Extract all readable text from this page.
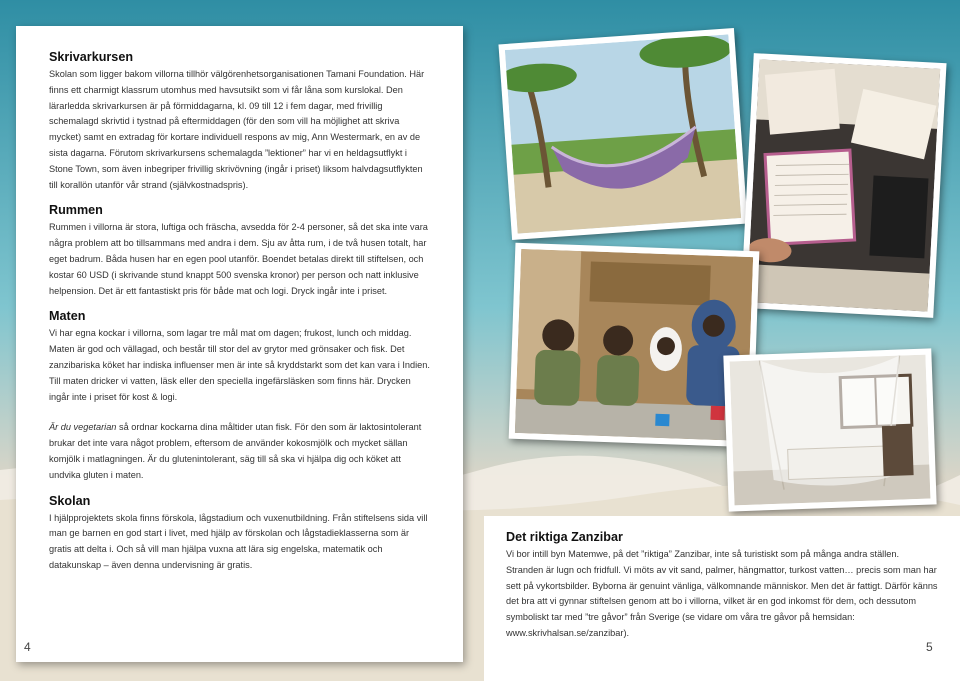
Skrivarkursen

Skolan som ligger bakom villorna tillhör välgörenhetsorganisationen Tamani Foundation. Här finns ett charmigt klassrum utomhus med havsutsikt som vi får låna som kurslokal. Den lärarledda skrivarkursen är på förmiddagarna, kl. 09 till 12 i fem dagar, med frivillig schemalagd skrivtid i tystnad på eftermiddagen (för den som vill ha möjlighet att skriva mycket) samt en extradag för kortare individuell respons av mig, Ann Westermark, en av de sista dagarna. Förutom skrivarkursens schemalagda ”lektioner” har vi en heldagsutflykt i Stone Town, som även inbegriper frivillig skrivövning (ingår i priset) liksom halvdagsutflykten till korallön utanför vår strand (självkostnadspris).

Rummen

Rummen i villorna är stora, luftiga och fräscha, avsedda för 2-4 personer, så det ska inte vara några problem att bo tillsammans med andra i dem. Sju av åtta rum, i de två husen totalt, har eget badrum. Båda husen har en egen pool utanför. Boendet betalas direkt till stiftelsen, och kostar 60 USD (i skrivande stund knappt 500 svenska kronor) per person och natt inklusive helpension. Det är ett fantastiskt pris för både mat och logi. Dryck ingår inte i priset.

Maten

Vi har egna kockar i villorna, som lagar tre mål mat om dagen; frukost, lunch och middag. Maten är god och vällagad, och består till stor del av grytor med grönsaker och fisk. Det zanzibariska köket har indiska influenser men är inte så kryddstarkt som det kan vara i Indien. Till maten dricker vi vatten, läsk eller den speciella ingefärsläsken som finns här. Drycken ingår inte i priset för kost & logi.

Är du vegetarian så ordnar kockarna dina måltider utan fisk. För den som är laktosintolerant brukar det inte vara något problem, eftersom de använder kokosmjölk och mycket sällan komjölk i matlagningen. Är du glutenintolerant, säg till så ska vi hjälpa dig och köket att undvika gluten i maten.

Skolan

I hjälpprojektets skola finns förskola, lågstadium och vuxenutbildning. Från stiftelsens sida vill man ge barnen en god start i livet, med hjälp av förskolan och lågstadieklasserna som är gratis att delta i. Och så vill man hjälpa vuxna att lära sig engelska, matematik och datakunskap – även denna undervisning är gratis.

4
Det riktiga Zanzibar

Vi bor intill byn Matemwe, på det ”riktiga” Zanzibar, inte så turistiskt som på många andra ställen. Stranden är lugn och fridfull. Vi möts av vit sand, palmer, hängmattor, turkost vatten… precis som man har sett på vykortsbilder. Byborna är genuint vänliga, välkomnande människor. Men det är fattigt. Därför känns det bra att vi gynnar stiftelsen genom att bo i villorna, vilket är en god inkomst för dem, och dessutom symboliskt tar med ”tre gåvor” från Sverige (se vidare om våra tre gåvor på hemsidan: www.skrivhalsan.se/zanzibar).

5
